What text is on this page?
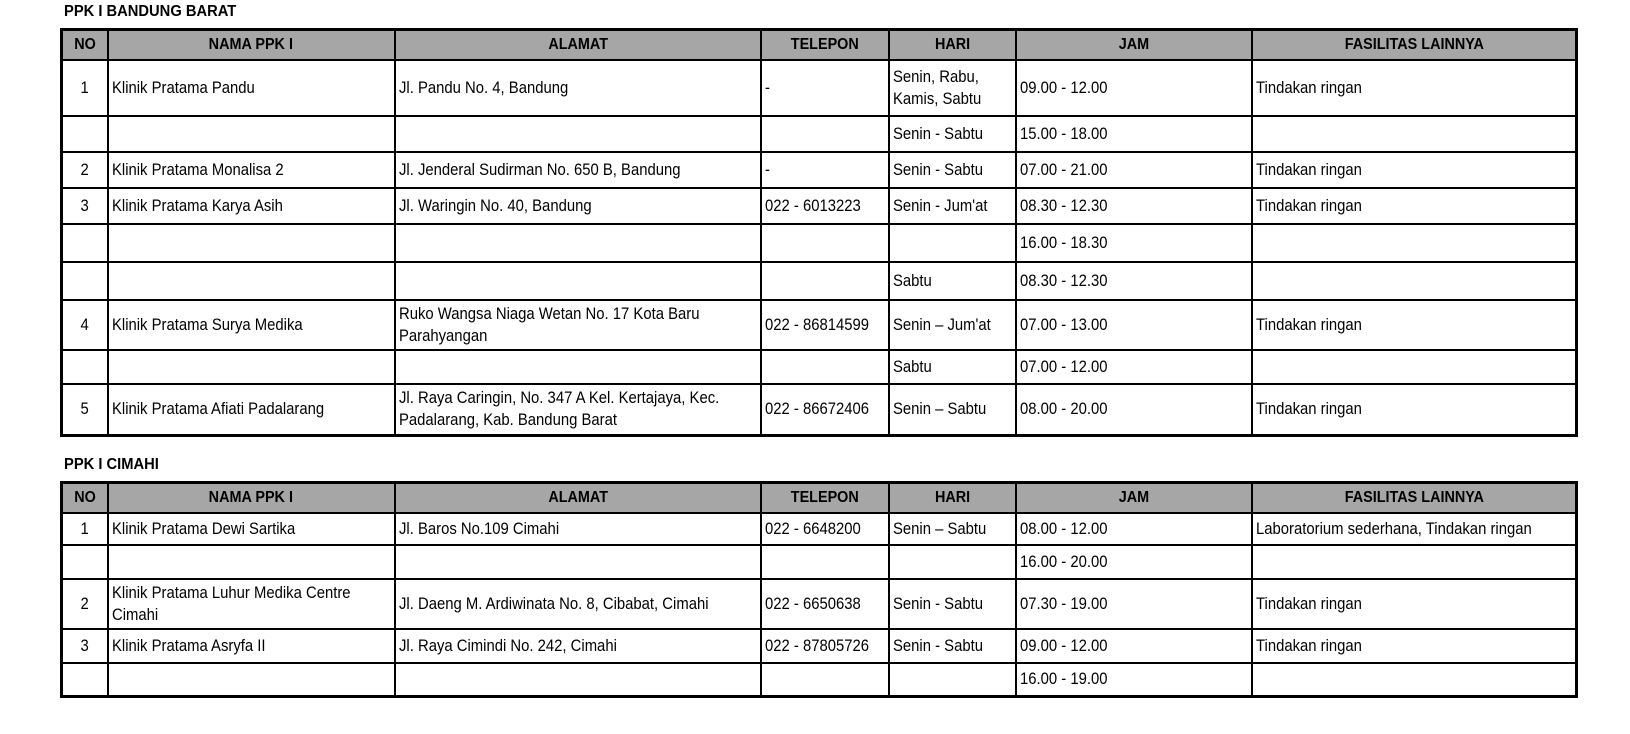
PPK I BANDUNG BARAT
NO	NAMA PPK I	ALAMAT	TELEPON	HARI	JAM	FASILITAS LAINNYA
1	Klinik Pratama Pandu	Jl. Pandu No. 4, Bandung	-	Senin, Rabu,
Kamis, Sabtu	09.00 - 12.00	Tindakan ringan
				Senin - Sabtu	15.00 - 18.00	
2	Klinik Pratama Monalisa 2	Jl. Jenderal Sudirman No. 650 B, Bandung	-	Senin - Sabtu	07.00 - 21.00	Tindakan ringan
3	Klinik Pratama Karya Asih	Jl. Waringin No. 40, Bandung	022 - 6013223	Senin - Jum'at	08.30 - 12.30	Tindakan ringan
					16.00 - 18.30	
				Sabtu	08.30 - 12.30	
4	Klinik Pratama Surya Medika	Ruko Wangsa Niaga Wetan No. 17 Kota Baru
Parahyangan	022 - 86814599	Senin – Jum'at	07.00 - 13.00	Tindakan ringan
				Sabtu	07.00 - 12.00	
5	Klinik Pratama Afiati Padalarang	Jl. Raya Caringin, No. 347 A Kel. Kertajaya, Kec.
Padalarang, Kab. Bandung Barat	022 - 86672406	Senin – Sabtu	08.00 - 20.00	Tindakan ringan
PPK I CIMAHI
NO	NAMA PPK I	ALAMAT	TELEPON	HARI	JAM	FASILITAS LAINNYA
1	Klinik Pratama Dewi Sartika	Jl. Baros No.109 Cimahi	022 - 6648200	Senin – Sabtu	08.00 - 12.00	Laboratorium sederhana, Tindakan ringan
					16.00 - 20.00	
2	Klinik Pratama Luhur Medika Centre
Cimahi	Jl. Daeng M. Ardiwinata No. 8, Cibabat, Cimahi	022 - 6650638	Senin - Sabtu	07.30 - 19.00	Tindakan ringan
3	Klinik Pratama Asryfa II	Jl. Raya Cimindi No. 242, Cimahi	022 - 87805726	Senin - Sabtu	09.00 - 12.00	Tindakan ringan
					16.00 - 19.00	
